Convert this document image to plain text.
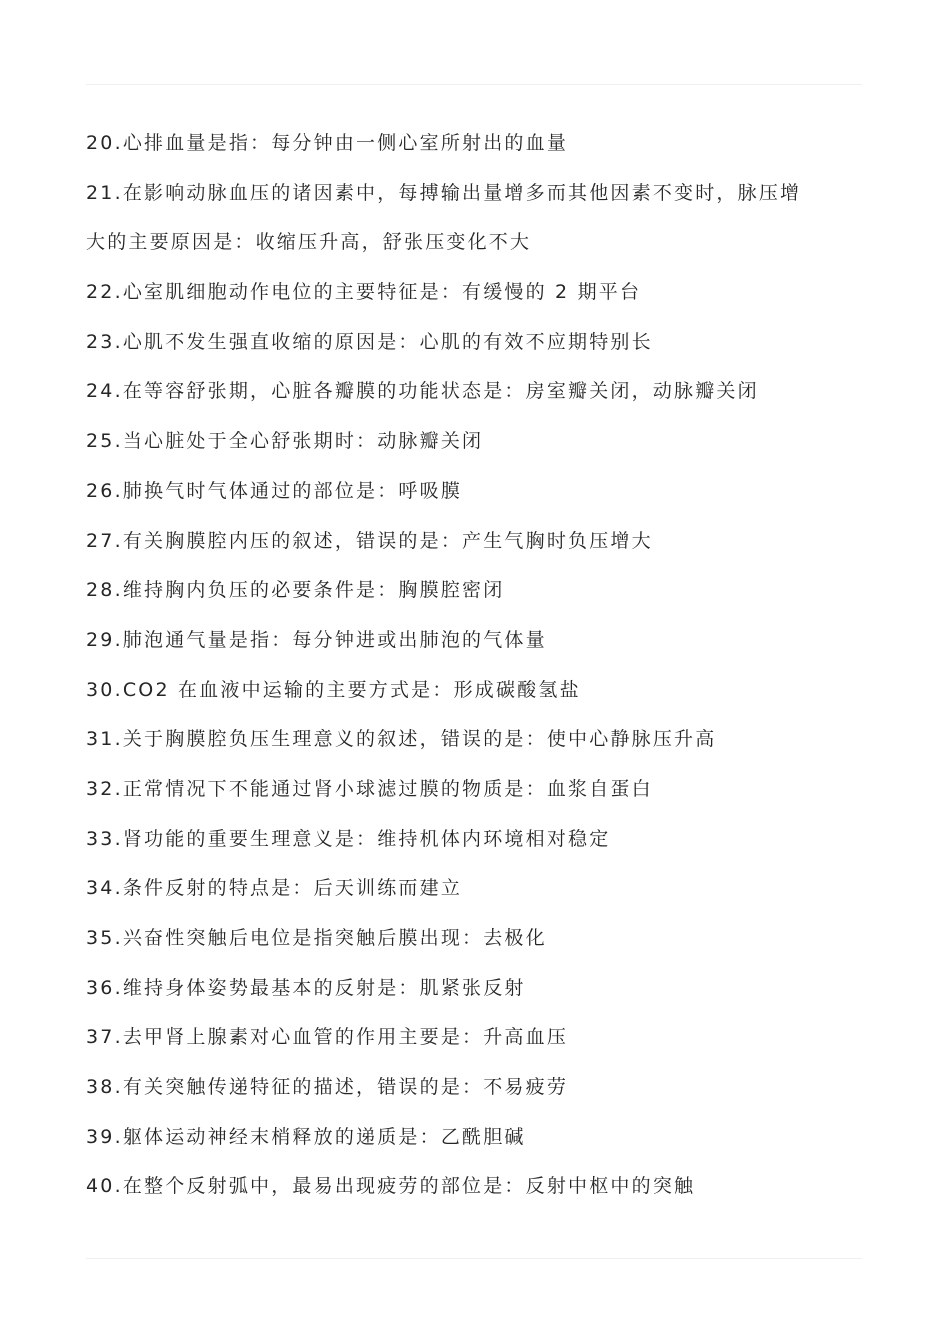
20.心排血量是指：每分钟由一侧心室所射出的血量
21.在影响动脉血压的诸因素中，每搏输出量增多而其他因素不变时，脉压增
大的主要原因是：收缩压升高，舒张压变化不大
22.心室肌细胞动作电位的主要特征是：有缓慢的 2 期平台
23.心肌不发生强直收缩的原因是：心肌的有效不应期特别长
24.在等容舒张期，心脏各瓣膜的功能状态是：房室瓣关闭，动脉瓣关闭
25.当心脏处于全心舒张期时：动脉瓣关闭
26.肺换气时气体通过的部位是：呼吸膜
27.有关胸膜腔内压的叙述，错误的是：产生气胸时负压增大
28.维持胸内负压的必要条件是：胸膜腔密闭
29.肺泡通气量是指：每分钟进或出肺泡的气体量
30.CO2 在血液中运输的主要方式是：形成碳酸氢盐
31.关于胸膜腔负压生理意义的叙述，错误的是：使中心静脉压升高
32.正常情况下不能通过肾小球滤过膜的物质是：血浆自蛋白
33.肾功能的重要生理意义是：维持机体内环境相对稳定
34.条件反射的特点是：后天训练而建立
35.兴奋性突触后电位是指突触后膜出现：去极化
36.维持身体姿势最基本的反射是：肌紧张反射
37.去甲肾上腺素对心血管的作用主要是：升高血压
38.有关突触传递特征的描述，错误的是：不易疲劳
39.躯体运动神经末梢释放的递质是：乙酰胆碱
40.在整个反射弧中，最易出现疲劳的部位是：反射中枢中的突触
